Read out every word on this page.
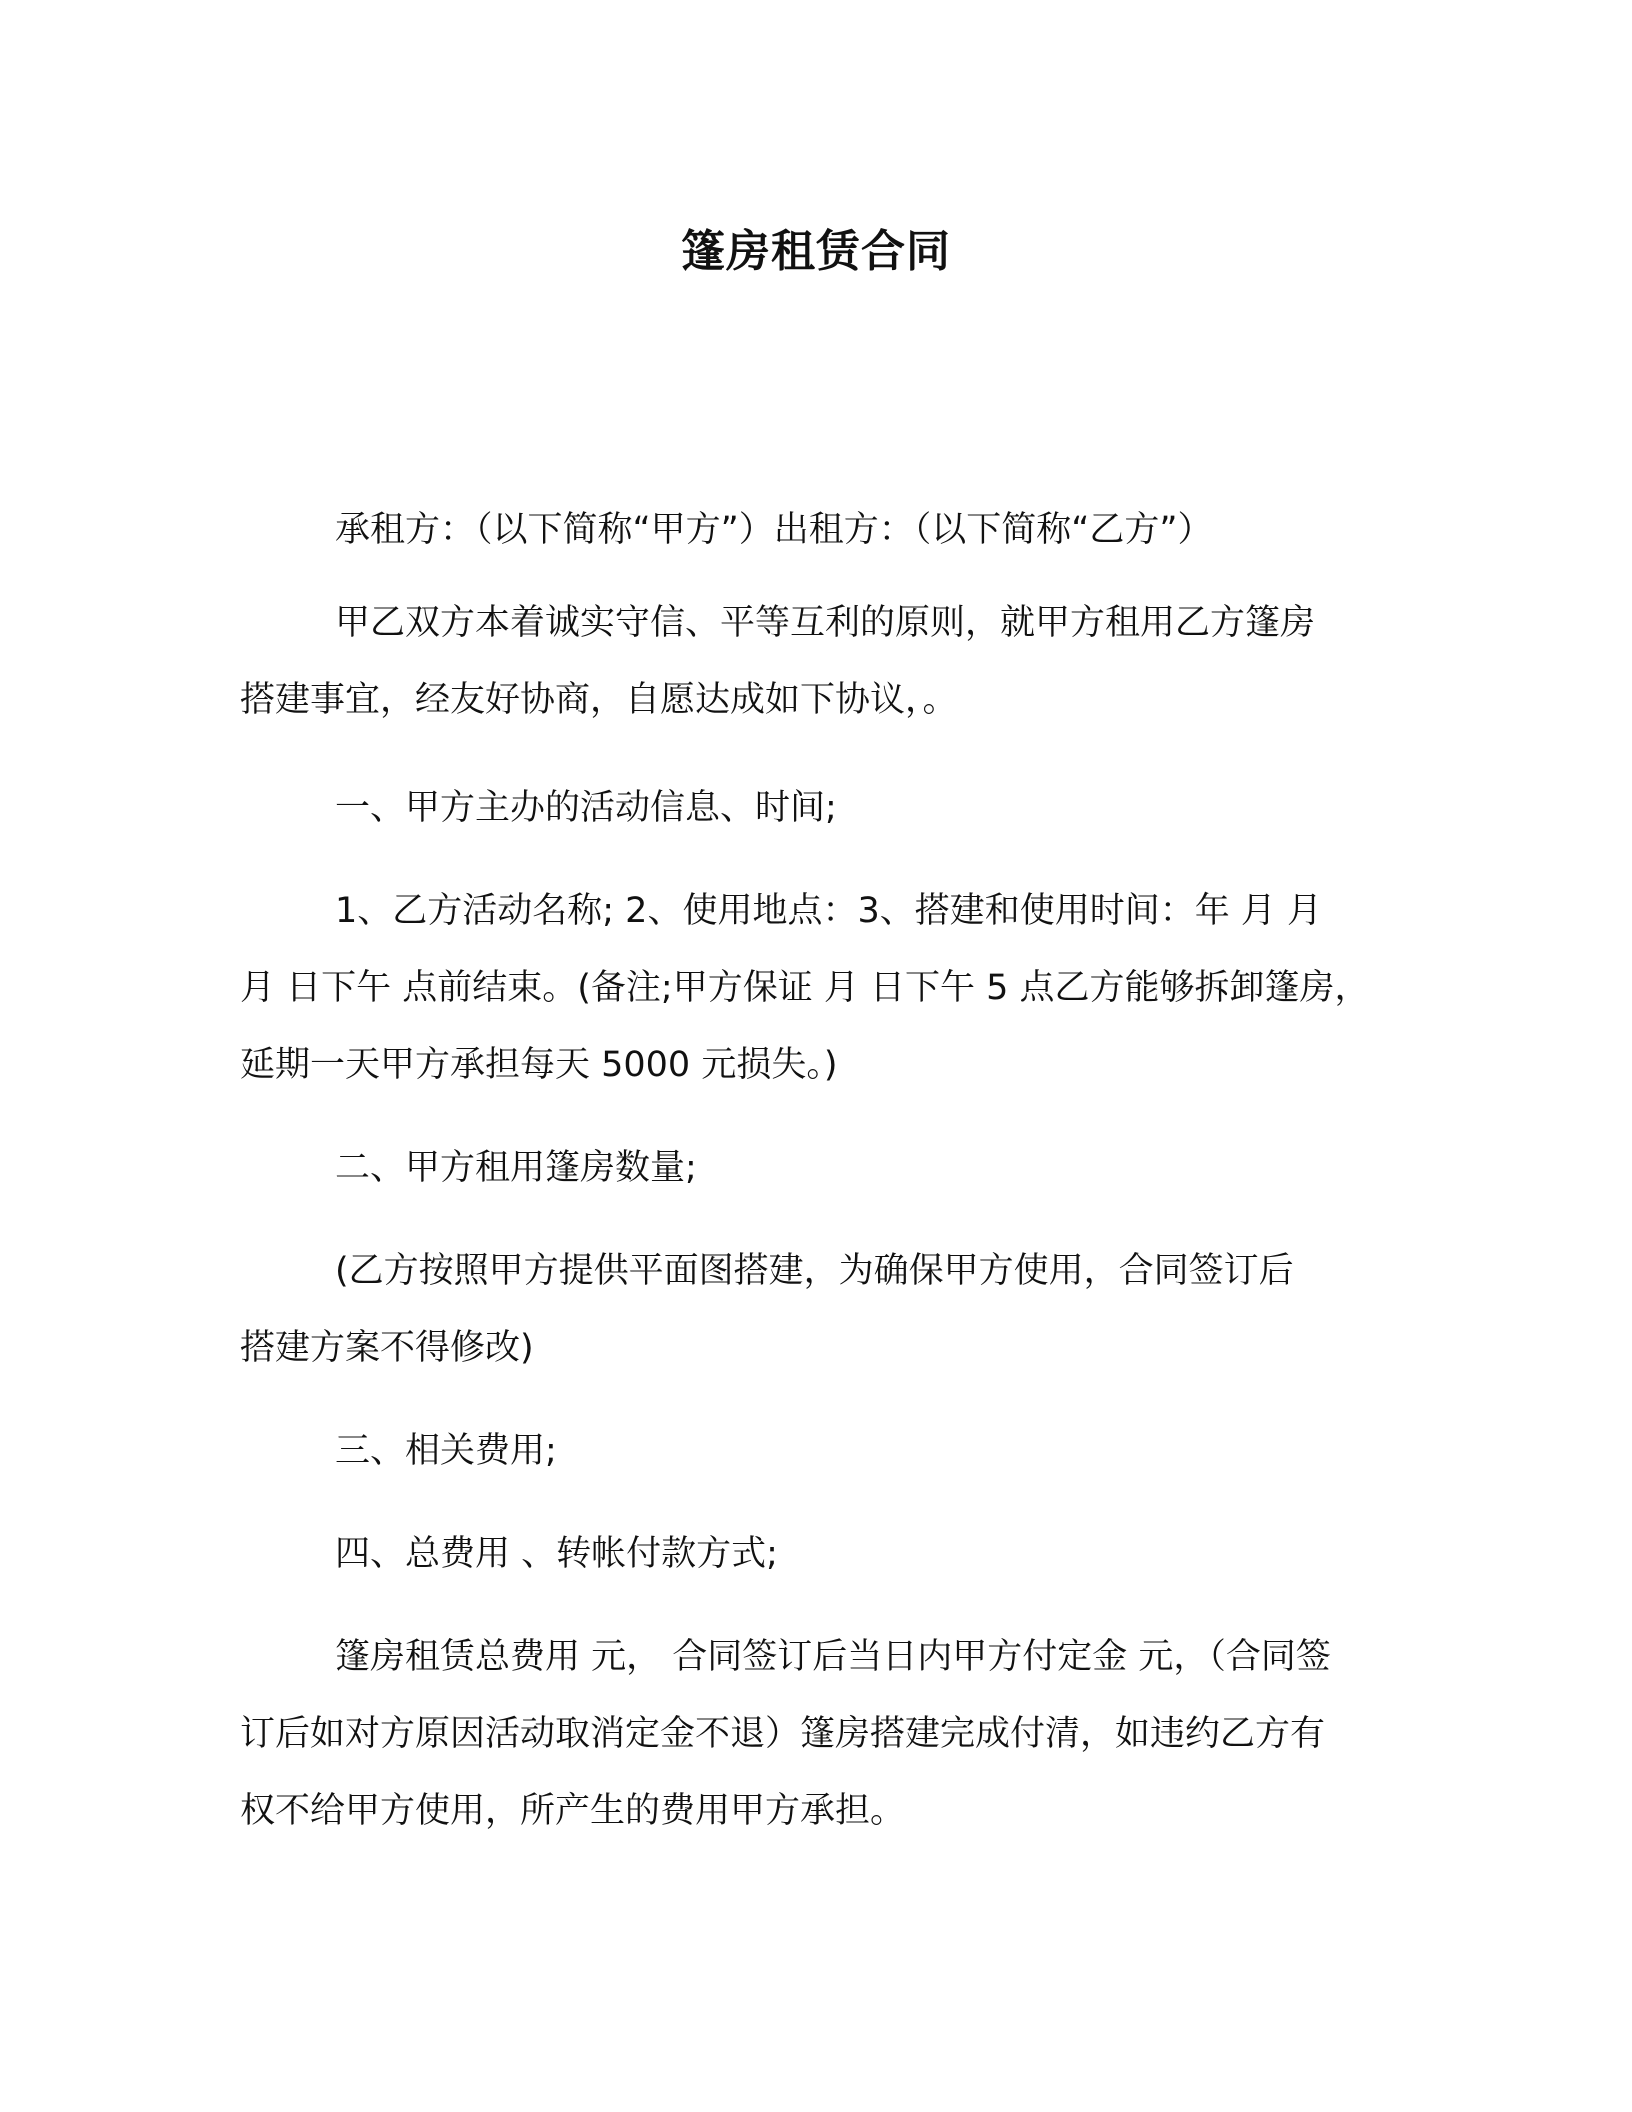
篷房租赁合同
承租方：（以下简称“甲方”）出租方：（以下简称“乙方”）
甲乙双方本着诚实守信、平等互利的原则，就甲方租用乙方篷房
搭建事宜，经友好协商，自愿达成如下协议，。
一、甲方主办的活动信息、时间;
1、乙方活动名称; 2、使用地点：3、搭建和使用时间：年 月 月
月 日下午 点前结束。(备注;甲方保证 月 日下午 5 点乙方能够拆卸篷房，
延期一天甲方承担每天 5000 元损失。)
二、甲方租用篷房数量;
(乙方按照甲方提供平面图搭建，为确保甲方使用，合同签订后
搭建方案不得修改)
三、相关费用;
四、总费用 、转帐付款方式;
篷房租赁总费用 元， 合同签订后当日内甲方付定金 元，（合同签
订后如对方原因活动取消定金不退）篷房搭建完成付清，如违约乙方有
权不给甲方使用，所产生的费用甲方承担。
